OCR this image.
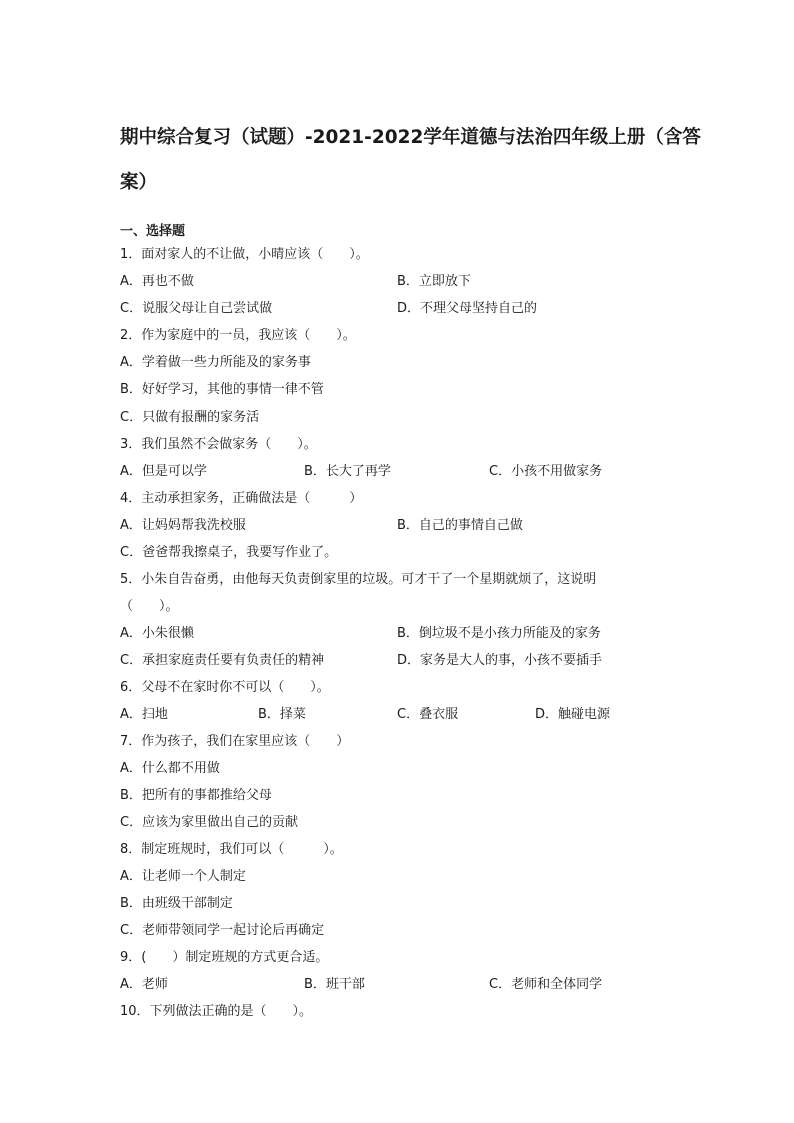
期中综合复习（试题）-2021-2022学年道德与法治四年级上册（含答
案）
一、选择题
1．面对家人的不让做，小晴应该（　　）。
A．再也不做	B．立即放下
C．说服父母让自己尝试做	D．不理父母坚持自己的
2．作为家庭中的一员，我应该（　　）。
A．学着做一些力所能及的家务事
B．好好学习，其他的事情一律不管
C．只做有报酬的家务活
3．我们虽然不会做家务（　　）。
A．但是可以学	B．长大了再学	C．小孩不用做家务
4．主动承担家务，正确做法是（　　　）
A．让妈妈帮我洗校服	B．自己的事情自己做
C．爸爸帮我擦桌子，我要写作业了。
5．小朱自告奋勇，由他每天负责倒家里的垃圾。可才干了一个星期就烦了，这说明
（　　）。
A．小朱很懒	B．倒垃圾不是小孩力所能及的家务
C．承担家庭责任要有负责任的精神	D．家务是大人的事，小孩不要插手
6．父母不在家时你不可以（　　）。
A．扫地	B．择菜	C．叠衣服	D．触碰电源
7．作为孩子，我们在家里应该（　　）
A．什么都不用做
B．把所有的事都推给父母
C．应该为家里做出自己的贡献
8．制定班规时，我们可以（　　　）。
A．让老师一个人制定
B．由班级干部制定
C．老师带领同学一起讨论后再确定
9．(　　）制定班规的方式更合适。
A．老师	B．班干部	C．老师和全体同学
10．下列做法正确的是（　　）。
